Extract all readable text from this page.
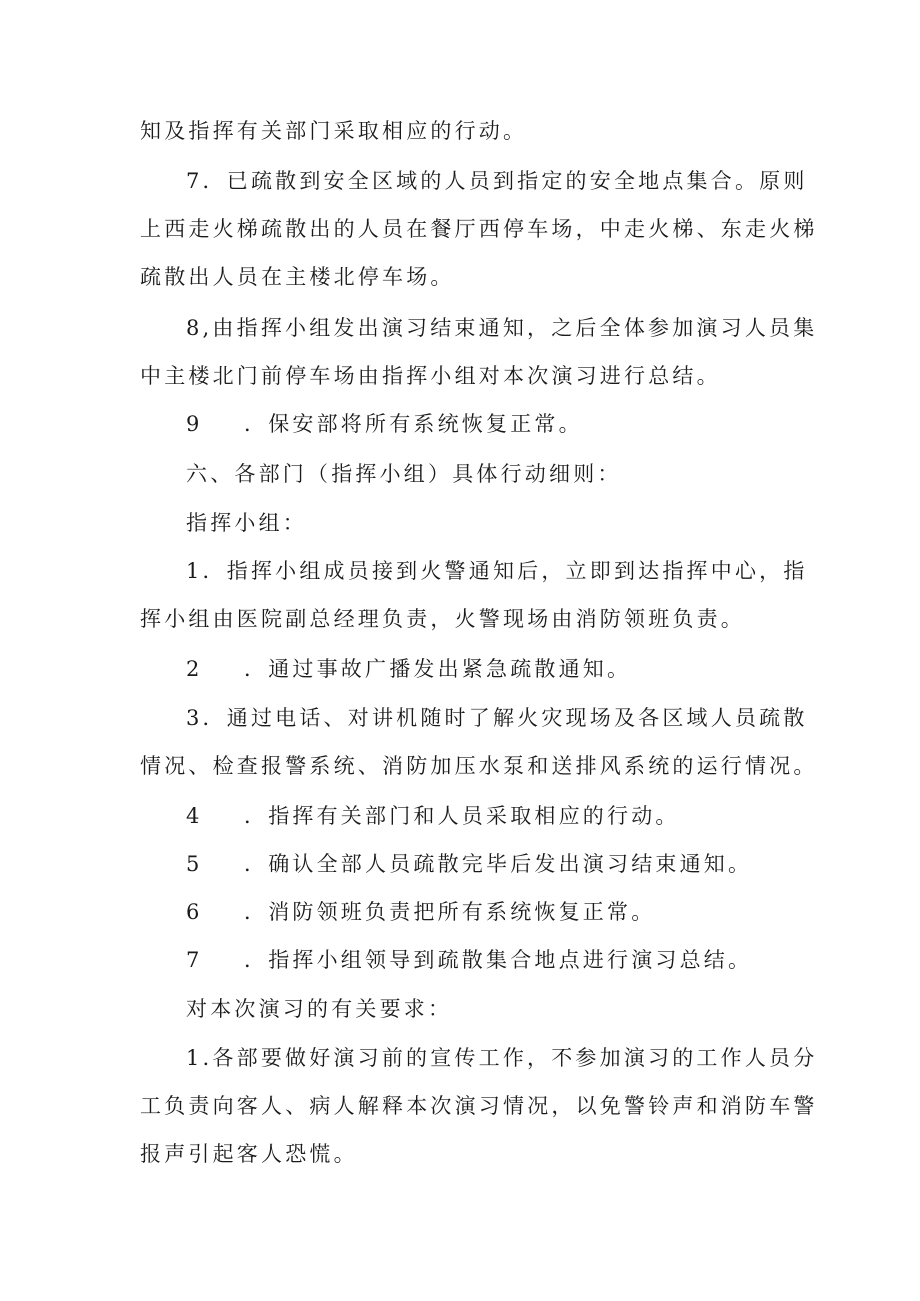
知及指挥有关部门采取相应的行动。
7．已疏散到安全区域的人员到指定的安全地点集合。原则
上西走火梯疏散出的人员在餐厅西停车场，中走火梯、东走火梯
疏散出人员在主楼北停车场。
8,由指挥小组发出演习结束通知，之后全体参加演习人员集
中主楼北门前停车场由指挥小组对本次演习进行总结。
9 ．保安部将所有系统恢复正常。
六、各部门（指挥小组）具体行动细则：
指挥小组：
1．指挥小组成员接到火警通知后，立即到达指挥中心，指
挥小组由医院副总经理负责，火警现场由消防领班负责。
2 ．通过事故广播发出紧急疏散通知。
3．通过电话、对讲机随时了解火灾现场及各区域人员疏散
情况、检查报警系统、消防加压水泵和送排风系统的运行情况。
4 ．指挥有关部门和人员采取相应的行动。
5 ．确认全部人员疏散完毕后发出演习结束通知。
6 ．消防领班负责把所有系统恢复正常。
7 ．指挥小组领导到疏散集合地点进行演习总结。
对本次演习的有关要求：
1.各部要做好演习前的宣传工作，不参加演习的工作人员分
工负责向客人、病人解释本次演习情况，以免警铃声和消防车警
报声引起客人恐慌。
